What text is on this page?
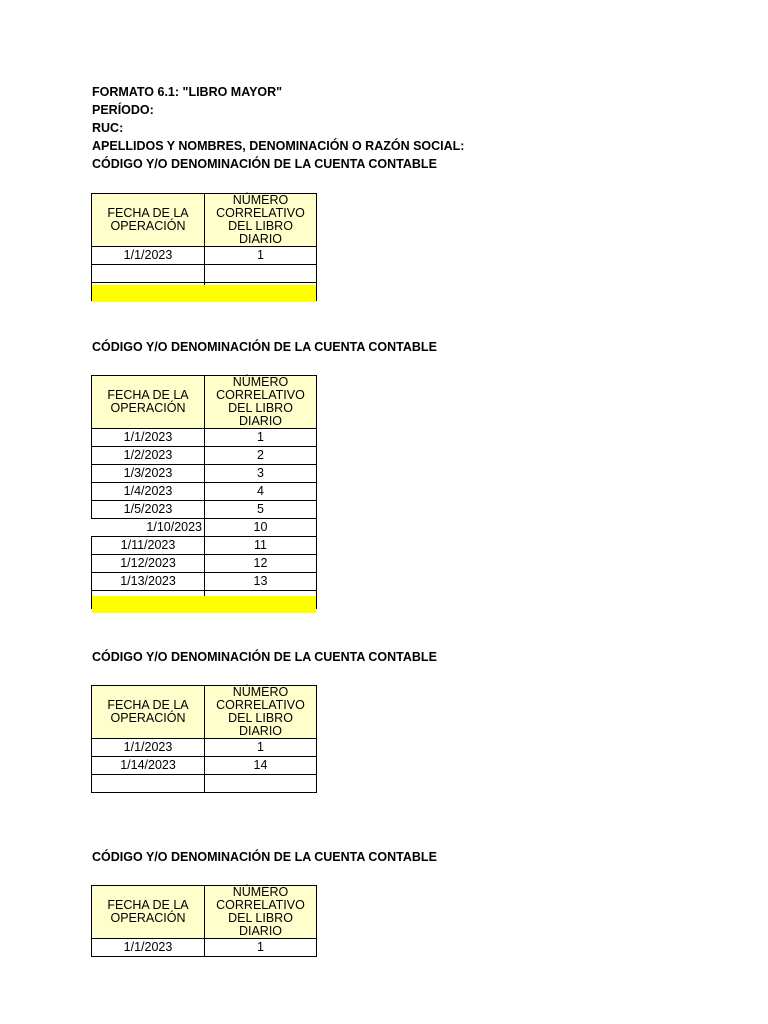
FORMATO 6.1: "LIBRO MAYOR"
PERÍODO:
RUC:
APELLIDOS Y NOMBRES, DENOMINACIÓN O RAZÓN SOCIAL:
CÓDIGO Y/O DENOMINACIÓN DE LA CUENTA CONTABLE
FECHA DE LA OPERACIÓN	NÚMERO CORRELATIVO DEL LIBRO DIARIO
1/1/2023	1

CÓDIGO Y/O DENOMINACIÓN DE LA CUENTA CONTABLE
FECHA DE LA OPERACIÓN	NÚMERO CORRELATIVO DEL LIBRO DIARIO
1/1/2023	1
1/2/2023	2
1/3/2023	3
1/4/2023	4
1/5/2023	5
1/10/2023	10
1/11/2023	11
1/12/2023	12
1/13/2023	13

CÓDIGO Y/O DENOMINACIÓN DE LA CUENTA CONTABLE
FECHA DE LA OPERACIÓN	NÚMERO CORRELATIVO DEL LIBRO DIARIO
1/1/2023	1
1/14/2023	14

CÓDIGO Y/O DENOMINACIÓN DE LA CUENTA CONTABLE
FECHA DE LA OPERACIÓN	NÚMERO CORRELATIVO DEL LIBRO DIARIO
1/1/2023	1
